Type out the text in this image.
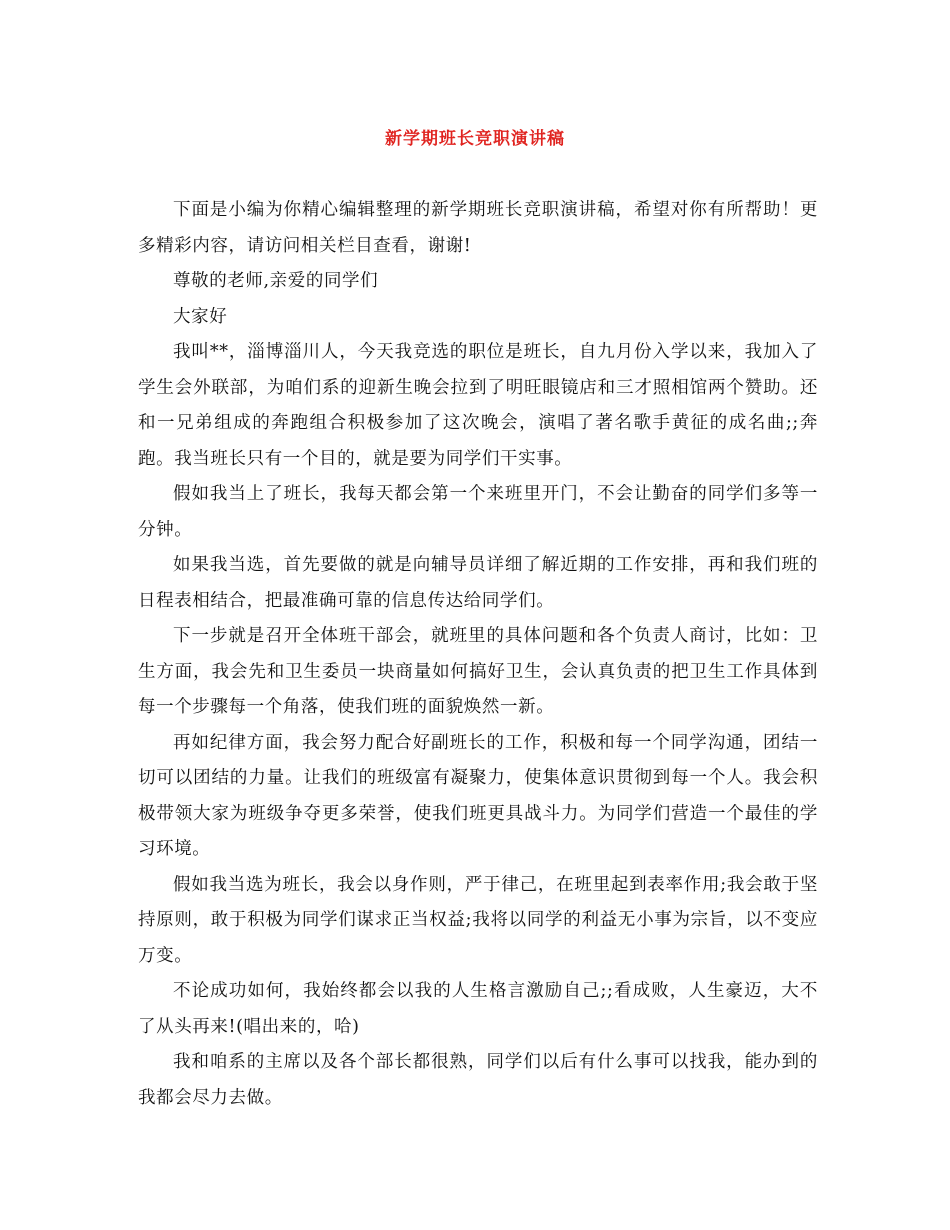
新学期班长竞职演讲稿

下面是小编为你精心编辑整理的新学期班长竞职演讲稿，希望对你有所帮助！更多精彩内容，请访问相关栏目查看，谢谢!

尊敬的老师,亲爱的同学们

大家好

我叫**，淄博淄川人，今天我竞选的职位是班长，自九月份入学以来，我加入了学生会外联部，为咱们系的迎新生晚会拉到了明旺眼镜店和三才照相馆两个赞助。还和一兄弟组成的奔跑组合积极参加了这次晚会，演唱了著名歌手黄征的成名曲;;奔跑。我当班长只有一个目的，就是要为同学们干实事。

假如我当上了班长，我每天都会第一个来班里开门，不会让勤奋的同学们多等一分钟。

如果我当选，首先要做的就是向辅导员详细了解近期的工作安排，再和我们班的日程表相结合，把最准确可靠的信息传达给同学们。

下一步就是召开全体班干部会，就班里的具体问题和各个负责人商讨，比如：卫生方面，我会先和卫生委员一块商量如何搞好卫生，会认真负责的把卫生工作具体到每一个步骤每一个角落，使我们班的面貌焕然一新。

再如纪律方面，我会努力配合好副班长的工作，积极和每一个同学沟通，团结一切可以团结的力量。让我们的班级富有凝聚力，使集体意识贯彻到每一个人。我会积极带领大家为班级争夺更多荣誉，使我们班更具战斗力。为同学们营造一个最佳的学习环境。

假如我当选为班长，我会以身作则，严于律己，在班里起到表率作用;我会敢于坚持原则，敢于积极为同学们谋求正当权益;我将以同学的利益无小事为宗旨，以不变应万变。

不论成功如何，我始终都会以我的人生格言激励自己;;看成败，人生豪迈，大不了从头再来!(唱出来的，哈)

我和咱系的主席以及各个部长都很熟，同学们以后有什么事可以找我，能办到的我都会尽力去做。
